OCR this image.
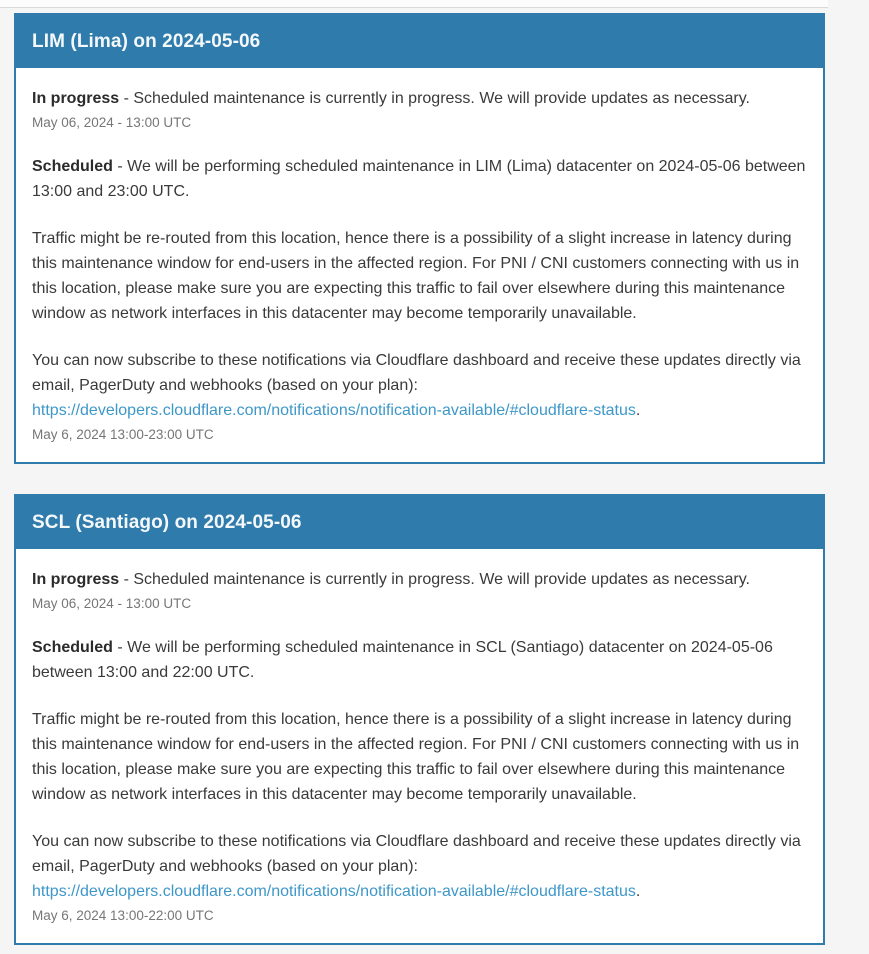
LIM (Lima) on 2024-05-06

In progress - Scheduled maintenance is currently in progress. We will provide updates as necessary.

May 06, 2024 - 13:00 UTC

Scheduled - We will be performing scheduled maintenance in LIM (Lima) datacenter on 2024-05-06 between 13:00 and 23:00 UTC.

Traffic might be re-routed from this location, hence there is a possibility of a slight increase in latency during this maintenance window for end-users in the affected region. For PNI / CNI customers connecting with us in this location, please make sure you are expecting this traffic to fail over elsewhere during this maintenance window as network interfaces in this datacenter may become temporarily unavailable.

You can now subscribe to these notifications via Cloudflare dashboard and receive these updates directly via email, PagerDuty and webhooks (based on your plan): https://developers.cloudflare.com/notifications/notification-available/#cloudflare-status.

May 6, 2024 13:00-23:00 UTC
SCL (Santiago) on 2024-05-06

In progress - Scheduled maintenance is currently in progress. We will provide updates as necessary.

May 06, 2024 - 13:00 UTC

Scheduled - We will be performing scheduled maintenance in SCL (Santiago) datacenter on 2024-05-06 between 13:00 and 22:00 UTC.

Traffic might be re-routed from this location, hence there is a possibility of a slight increase in latency during this maintenance window for end-users in the affected region. For PNI / CNI customers connecting with us in this location, please make sure you are expecting this traffic to fail over elsewhere during this maintenance window as network interfaces in this datacenter may become temporarily unavailable.

You can now subscribe to these notifications via Cloudflare dashboard and receive these updates directly via email, PagerDuty and webhooks (based on your plan): https://developers.cloudflare.com/notifications/notification-available/#cloudflare-status.

May 6, 2024 13:00-22:00 UTC
